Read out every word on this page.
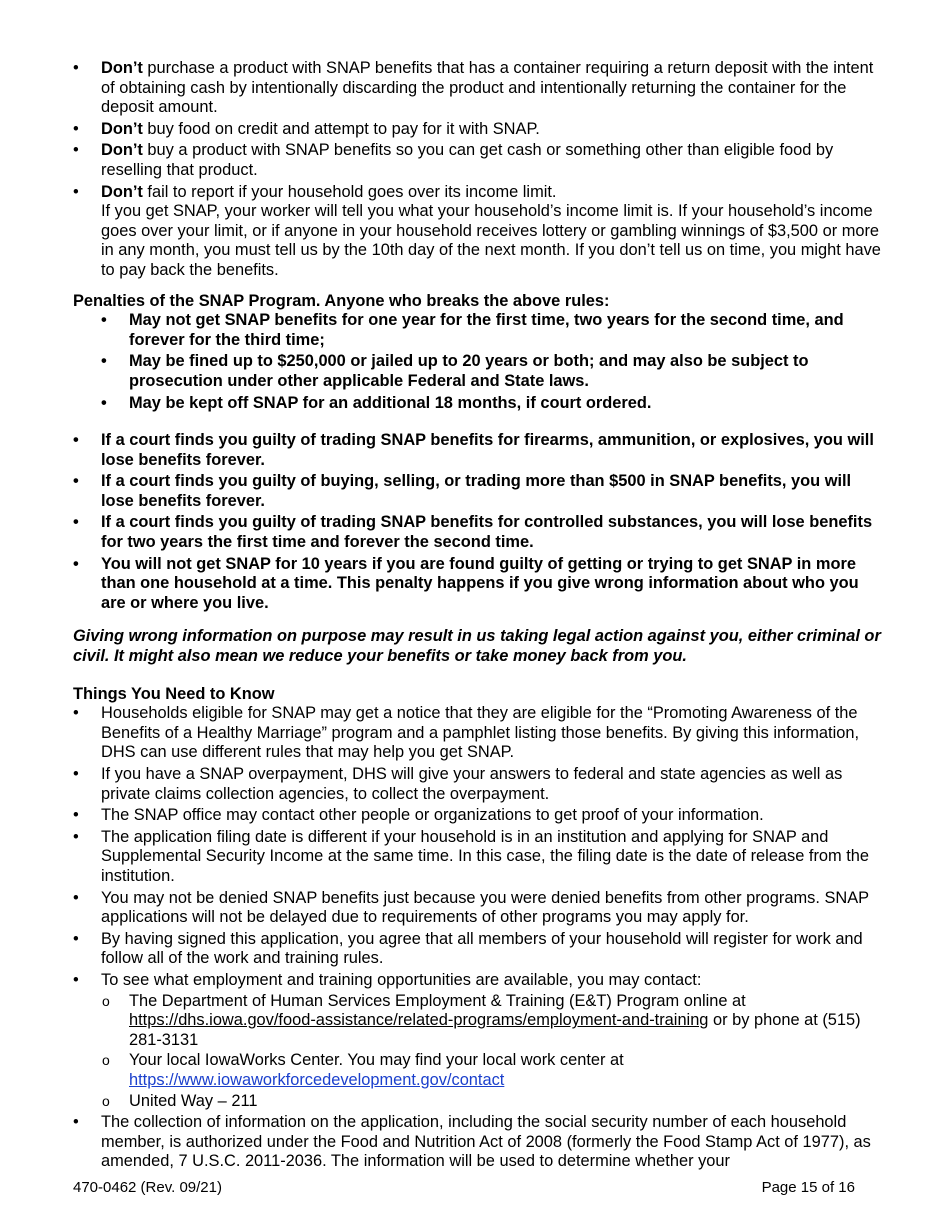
• Don’t purchase a product with SNAP benefits that has a container requiring a return deposit with the intent of obtaining cash by intentionally discarding the product and intentionally returning the container for the deposit amount.
• Don’t buy food on credit and attempt to pay for it with SNAP.
• Don’t buy a product with SNAP benefits so you can get cash or something other than eligible food by reselling that product.
• Don’t fail to report if your household goes over its income limit.
If you get SNAP, your worker will tell you what your household’s income limit is. If your household’s income goes over your limit, or if anyone in your household receives lottery or gambling winnings of $3,500 or more in any month, you must tell us by the 10th day of the next month. If you don’t tell us on time, you might have to pay back the benefits.

Penalties of the SNAP Program. Anyone who breaks the above rules:

• May not get SNAP benefits for one year for the first time, two years for the second time, and forever for the third time;
• May be fined up to $250,000 or jailed up to 20 years or both; and may also be subject to prosecution under other applicable Federal and State laws.
• May be kept off SNAP for an additional 18 months, if court ordered.
• If a court finds you guilty of trading SNAP benefits for firearms, ammunition, or explosives, you will lose benefits forever.
• If a court finds you guilty of buying, selling, or trading more than $500 in SNAP benefits, you will lose benefits forever.
• If a court finds you guilty of trading SNAP benefits for controlled substances, you will lose benefits for two years the first time and forever the second time.
• You will not get SNAP for 10 years if you are found guilty of getting or trying to get SNAP in more than one household at a time. This penalty happens if you give wrong information about who you are or where you live.

Giving wrong information on purpose may result in us taking legal action against you, either criminal or civil. It might also mean we reduce your benefits or take money back from you.

Things You Need to Know

• Households eligible for SNAP may get a notice that they are eligible for the “Promoting Awareness of the Benefits of a Healthy Marriage” program and a pamphlet listing those benefits. By giving this information, DHS can use different rules that may help you get SNAP.
• If you have a SNAP overpayment, DHS will give your answers to federal and state agencies as well as private claims collection agencies, to collect the overpayment.
• The SNAP office may contact other people or organizations to get proof of your information.
• The application filing date is different if your household is in an institution and applying for SNAP and Supplemental Security Income at the same time. In this case, the filing date is the date of release from the institution.
• You may not be denied SNAP benefits just because you were denied benefits from other programs. SNAP applications will not be delayed due to requirements of other programs you may apply for.
• By having signed this application, you agree that all members of your household will register for work and follow all of the work and training rules.
• To see what employment and training opportunities are available, you may contact:
o The Department of Human Services Employment & Training (E&T) Program online at https://dhs.iowa.gov/food-assistance/related-programs/employment-and-training or by phone at (515) 281-3131
o Your local IowaWorks Center. You may find your local work center at
https://www.iowaworkforcedevelopment.gov/contact
o United Way – 211
• The collection of information on the application, including the social security number of each household member, is authorized under the Food and Nutrition Act of 2008 (formerly the Food Stamp Act of 1977), as amended, 7 U.S.C. 2011-2036. The information will be used to determine whether your
470-0462 (Rev. 09/21)	Page 15 of 16
